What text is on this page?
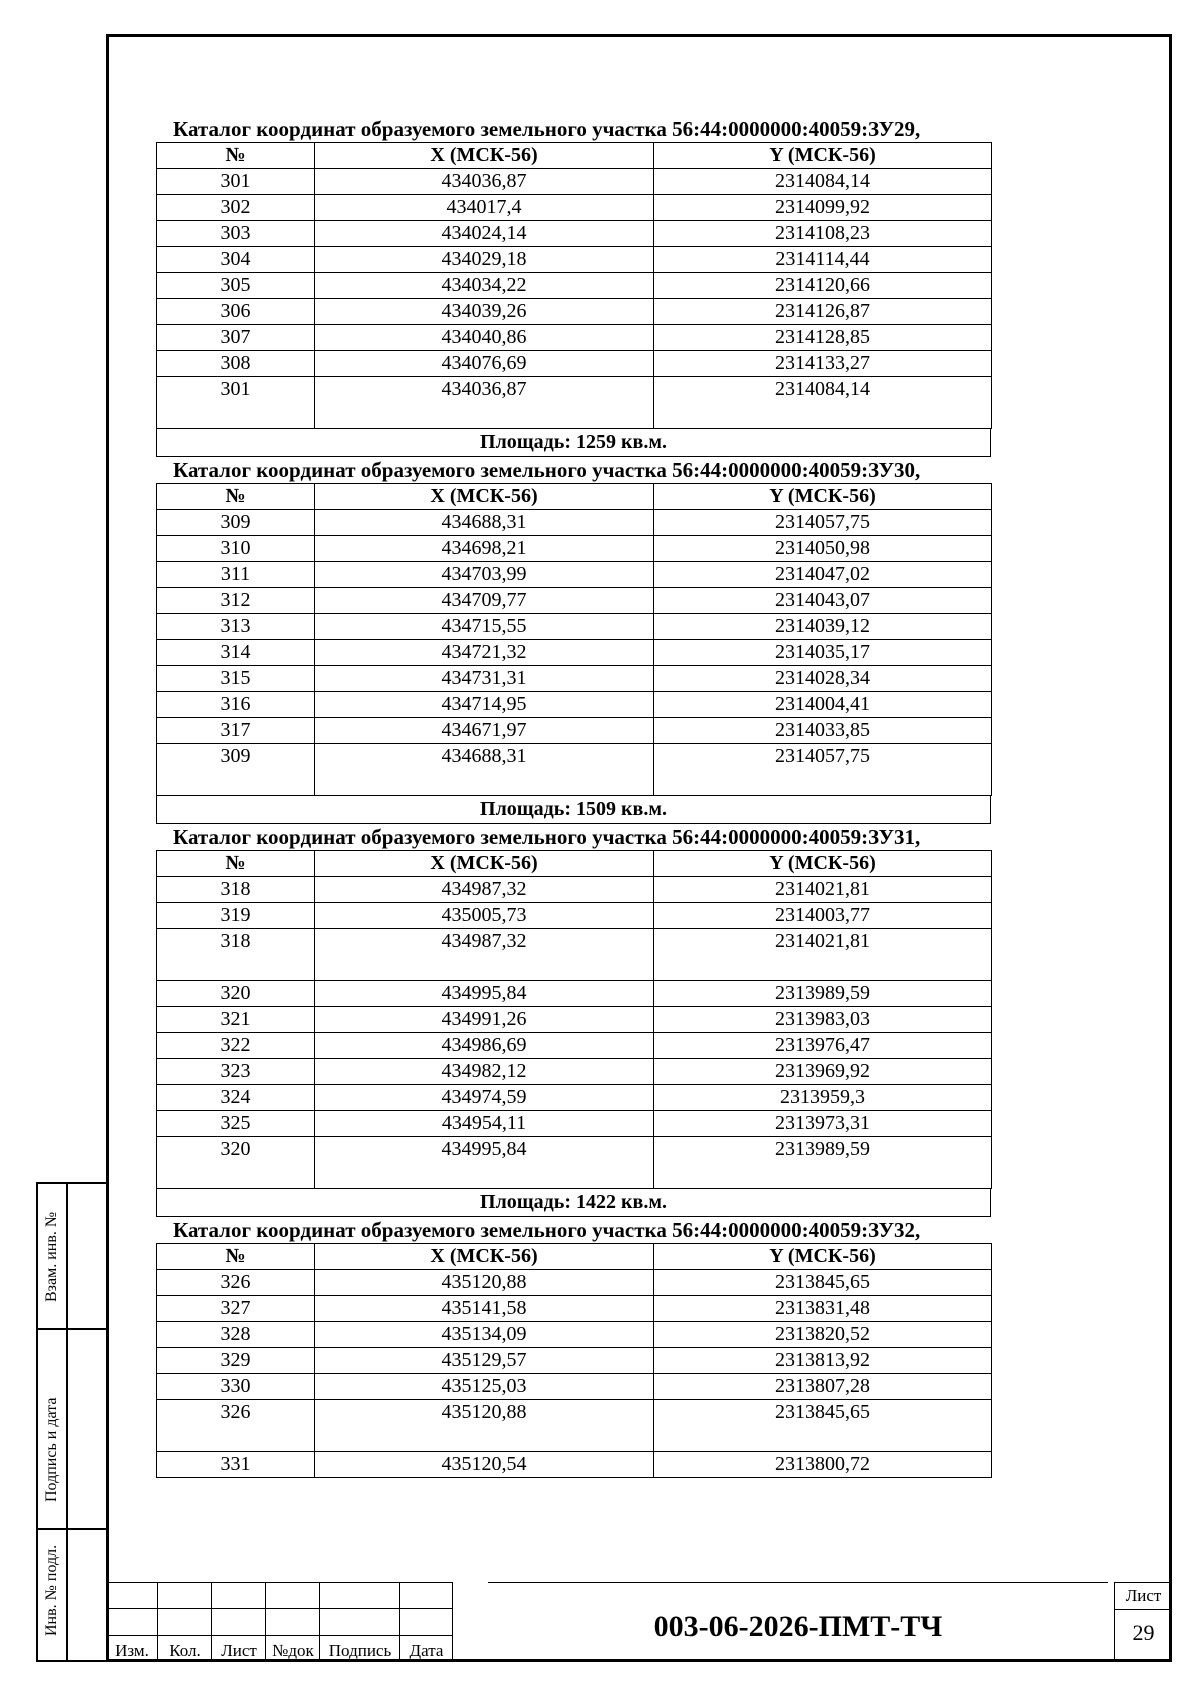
Взам. инв. №
Подпись и дата
Инв. № подл.
Каталог координат образуемого земельного участка 56:44:0000000:40059:ЗУ29,
№	X (МСК-56)	Y (МСК-56)
301	434036,87	2314084,14
302	434017,4	2314099,92
303	434024,14	2314108,23
304	434029,18	2314114,44
305	434034,22	2314120,66
306	434039,26	2314126,87
307	434040,86	2314128,85
308	434076,69	2314133,27
301	434036,87	2314084,14
Площадь: 1259 кв.м.
Каталог координат образуемого земельного участка 56:44:0000000:40059:ЗУ30,
№	X (МСК-56)	Y (МСК-56)
309	434688,31	2314057,75
310	434698,21	2314050,98
311	434703,99	2314047,02
312	434709,77	2314043,07
313	434715,55	2314039,12
314	434721,32	2314035,17
315	434731,31	2314028,34
316	434714,95	2314004,41
317	434671,97	2314033,85
309	434688,31	2314057,75
Площадь: 1509 кв.м.
Каталог координат образуемого земельного участка 56:44:0000000:40059:ЗУ31,
№	X (МСК-56)	Y (МСК-56)
318	434987,32	2314021,81
319	435005,73	2314003,77
318	434987,32	2314021,81
320	434995,84	2313989,59
321	434991,26	2313983,03
322	434986,69	2313976,47
323	434982,12	2313969,92
324	434974,59	2313959,3
325	434954,11	2313973,31
320	434995,84	2313989,59
Площадь: 1422 кв.м.
Каталог координат образуемого земельного участка 56:44:0000000:40059:ЗУ32,
№	X (МСК-56)	Y (МСК-56)
326	435120,88	2313845,65
327	435141,58	2313831,48
328	435134,09	2313820,52
329	435129,57	2313813,92
330	435125,03	2313807,28
326	435120,88	2313845,65
331	435120,54	2313800,72
Изм.	Кол.	Лист №док Подпись	Дата
003-06-2026-ПМТ-ТЧ
Лист
29
